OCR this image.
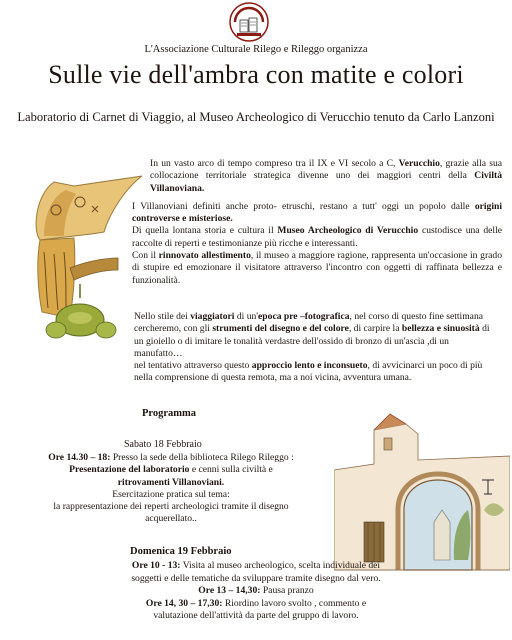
L'Associazione Culturale Rilego e Rileggo organizza
Sulle vie dell'ambra con matite e colori
Laboratorio di Carnet di Viaggio, al Museo Archeologico di Verucchio tenuto da Carlo Lanzoni
In un vasto arco di tempo compreso tra il IX e VI secolo a C, Verucchio, grazie alla sua collocazione territoriale strategica divenne uno dei maggiori centri della Civiltà Villanoviana.
I Villanoviani definiti anche proto- etruschi, restano a tutt' oggi un popolo dalle origini controverse e misteriose.
Di quella lontana storia e cultura il Museo Archeologico di Verucchio custodisce una delle raccolte di reperti e testimonianze più ricche e interessanti.
Con il rinnovato allestimento, il museo a maggiore ragione, rappresenta un'occasione in grado di stupire ed emozionare il visitatore attraverso l'incontro con oggetti di raffinata bellezza e funzionalità.
Nello stile dei viaggiatori di un'epoca pre –fotografica, nel corso di questo fine settimana cercheremo, con gli strumenti del disegno e del colore, di carpire la bellezza e sinuosità di un gioiello o di imitare le tonalità verdastre dell'ossido di bronzo di un'ascia ,di un manufatto…
nel tentativo attraverso questo approccio lento e inconsueto, di avvicinarci un poco di più nella comprensione di questa remota, ma a noi vicina, avventura umana.
Programma
Sabato 18 Febbraio
Ore 14.30 – 18: Presso la sede della biblioteca Rilego Rileggo :
Presentazione del laboratorio e cenni sulla civiltà e
ritrovamenti Villanoviani.
Esercitazione pratica sul tema:
la rappresentazione dei reperti archeologici tramite il disegno
acquerellato..
Domenica 19 Febbraio
Ore 10 - 13: Visita al museo archeologico, scelta individuale dei
soggetti e delle tematiche da sviluppare tramite disegno dal vero.
Ore 13 – 14,30: Pausa pranzo
Ore 14, 30 – 17,30: Riordino lavoro svolto , commento e
valutazione dell'attività da parte del gruppo di lavoro.
